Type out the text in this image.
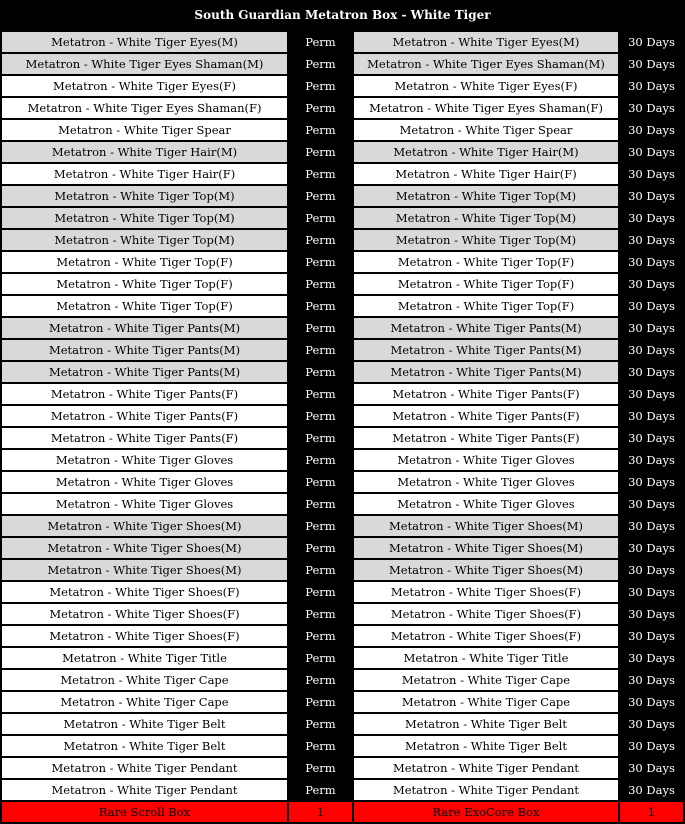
South Guardian Metatron Box - White Tiger
Metatron - White Tiger Eyes(M)	Perm	Metatron - White Tiger Eyes(M)	30 Days
Metatron - White Tiger Eyes Shaman(M)	Perm	Metatron - White Tiger Eyes Shaman(M)	30 Days
Metatron - White Tiger Eyes(F)	Perm	Metatron - White Tiger Eyes(F)	30 Days
Metatron - White Tiger Eyes Shaman(F)	Perm	Metatron - White Tiger Eyes Shaman(F)	30 Days
Metatron - White Tiger Spear	Perm	Metatron - White Tiger Spear	30 Days
Metatron - White Tiger Hair(M)	Perm	Metatron - White Tiger Hair(M)	30 Days
Metatron - White Tiger Hair(F)	Perm	Metatron - White Tiger Hair(F)	30 Days
Metatron - White Tiger Top(M)	Perm	Metatron - White Tiger Top(M)	30 Days
Metatron - White Tiger Top(M)	Perm	Metatron - White Tiger Top(M)	30 Days
Metatron - White Tiger Top(M)	Perm	Metatron - White Tiger Top(M)	30 Days
Metatron - White Tiger Top(F)	Perm	Metatron - White Tiger Top(F)	30 Days
Metatron - White Tiger Top(F)	Perm	Metatron - White Tiger Top(F)	30 Days
Metatron - White Tiger Top(F)	Perm	Metatron - White Tiger Top(F)	30 Days
Metatron - White Tiger Pants(M)	Perm	Metatron - White Tiger Pants(M)	30 Days
Metatron - White Tiger Pants(M)	Perm	Metatron - White Tiger Pants(M)	30 Days
Metatron - White Tiger Pants(M)	Perm	Metatron - White Tiger Pants(M)	30 Days
Metatron - White Tiger Pants(F)	Perm	Metatron - White Tiger Pants(F)	30 Days
Metatron - White Tiger Pants(F)	Perm	Metatron - White Tiger Pants(F)	30 Days
Metatron - White Tiger Pants(F)	Perm	Metatron - White Tiger Pants(F)	30 Days
Metatron - White Tiger Gloves	Perm	Metatron - White Tiger Gloves	30 Days
Metatron - White Tiger Gloves	Perm	Metatron - White Tiger Gloves	30 Days
Metatron - White Tiger Gloves	Perm	Metatron - White Tiger Gloves	30 Days
Metatron - White Tiger Shoes(M)	Perm	Metatron - White Tiger Shoes(M)	30 Days
Metatron - White Tiger Shoes(M)	Perm	Metatron - White Tiger Shoes(M)	30 Days
Metatron - White Tiger Shoes(M)	Perm	Metatron - White Tiger Shoes(M)	30 Days
Metatron - White Tiger Shoes(F)	Perm	Metatron - White Tiger Shoes(F)	30 Days
Metatron - White Tiger Shoes(F)	Perm	Metatron - White Tiger Shoes(F)	30 Days
Metatron - White Tiger Shoes(F)	Perm	Metatron - White Tiger Shoes(F)	30 Days
Metatron - White Tiger Title	Perm	Metatron - White Tiger Title	30 Days
Metatron - White Tiger Cape	Perm	Metatron - White Tiger Cape	30 Days
Metatron - White Tiger Cape	Perm	Metatron - White Tiger Cape	30 Days
Metatron - White Tiger Belt	Perm	Metatron - White Tiger Belt	30 Days
Metatron - White Tiger Belt	Perm	Metatron - White Tiger Belt	30 Days
Metatron - White Tiger Pendant	Perm	Metatron - White Tiger Pendant	30 Days
Metatron - White Tiger Pendant	Perm	Metatron - White Tiger Pendant	30 Days
Rare Scroll Box	1	Rare ExoCore Box	1
